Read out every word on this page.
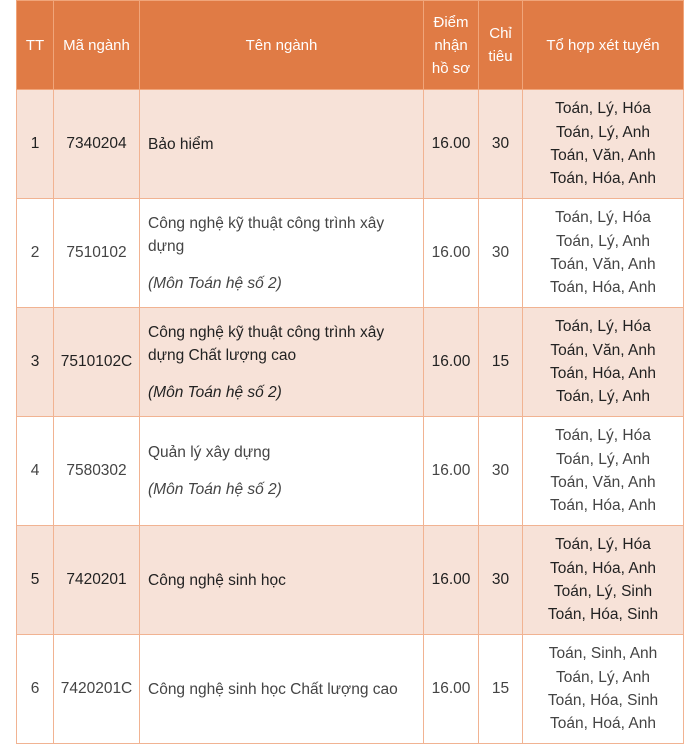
TT	Mã ngành	Tên ngành	Điểm
nhận
hồ sơ	Chỉ
tiêu	Tổ hợp xét tuyển
1	7340204	Bảo hiểm	16.00	30	Toán, Lý, Hóa
Toán, Lý, Anh
Toán, Văn, Anh
Toán, Hóa, Anh

2	7510102	Công nghệ kỹ thuật công trình xây
dựng
(Môn Toán hệ số 2)	16.00	30	Toán, Lý, Hóa
Toán, Lý, Anh
Toán, Văn, Anh
Toán, Hóa, Anh

3	7510102C	Công nghệ kỹ thuật công trình xây
dựng Chất lượng cao
(Môn Toán hệ số 2)	16.00	15	Toán, Lý, Hóa
Toán, Văn, Anh
Toán, Hóa, Anh
Toán, Lý, Anh

4	7580302	Quản lý xây dựng
(Môn Toán hệ số 2)	16.00	30	Toán, Lý, Hóa
Toán, Lý, Anh
Toán, Văn, Anh
Toán, Hóa, Anh

5	7420201	Công nghệ sinh học	16.00	30	Toán, Lý, Hóa
Toán, Hóa, Anh
Toán, Lý, Sinh
Toán, Hóa, Sinh

6	7420201C	Công nghệ sinh học Chất lượng cao	16.00	15	Toán, Sinh, Anh
Toán, Lý, Anh
Toán, Hóa, Sinh
Toán, Hoá, Anh
